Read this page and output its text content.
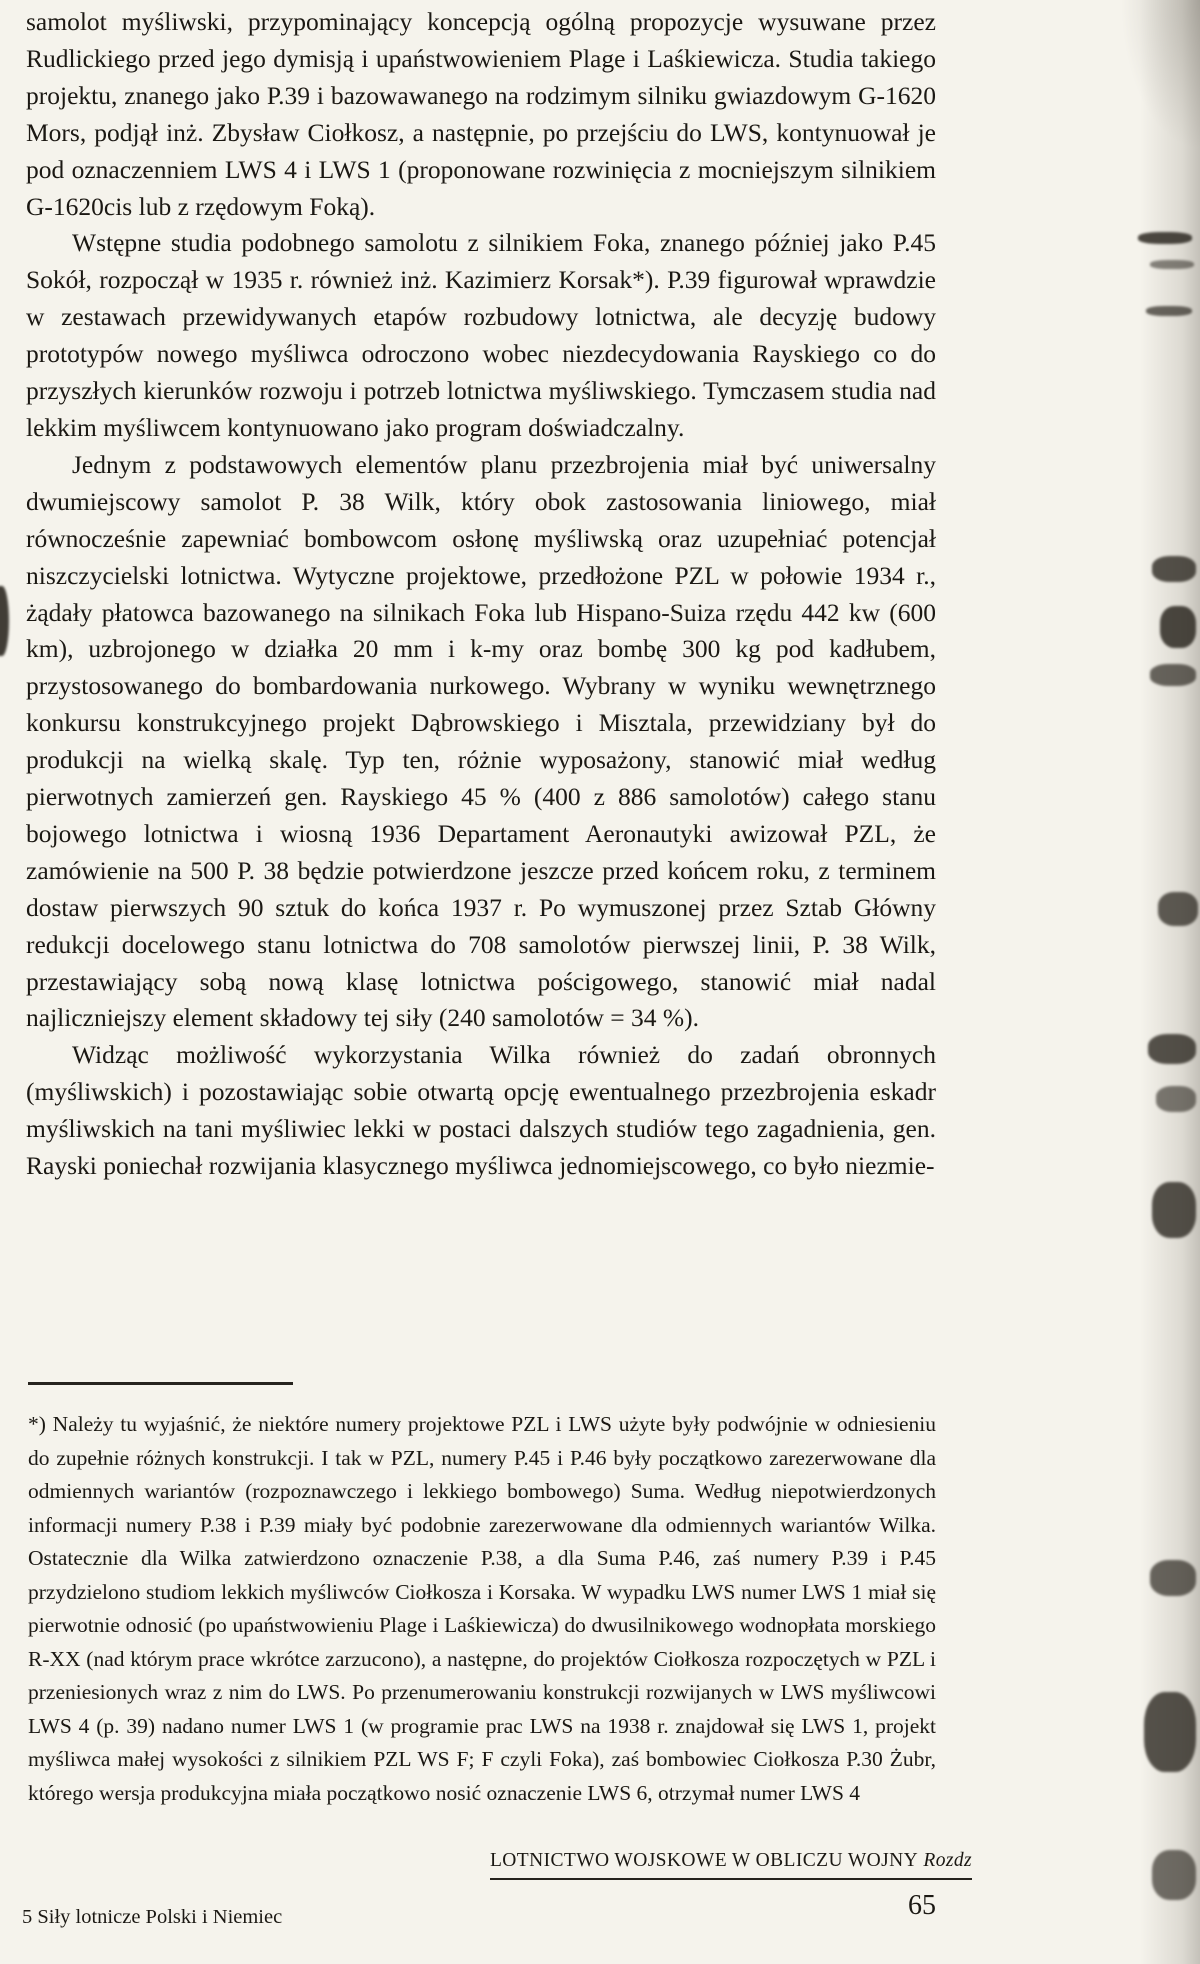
samolot myśliwski, przypominający koncepcją ogólną propozycje wysuwane przez Rudlickiego przed jego dymisją i upaństwowieniem Plage i Laśkiewicza. Studia takiego projektu, znanego jako P.39 i bazowawanego na rodzimym silniku gwiazdowym G-1620 Mors, podjął inż. Zbysław Ciołkosz, a następnie, po przejściu do LWS, kontynuował je pod oznaczenniem LWS 4 i LWS 1 (proponowane rozwinięcia z mocniejszym silnikiem G-1620cis lub z rzędowym Foką).

Wstępne studia podobnego samolotu z silnikiem Foka, znanego później jako P.45 Sokół, rozpoczął w 1935 r. również inż. Kazimierz Korsak*). P.39 figurował wprawdzie w zestawach przewidywanych etapów rozbudowy lotnictwa, ale decyzję budowy prototypów nowego myśliwca odroczono wobec niezdecydowania Rayskiego co do przyszłych kierunków rozwoju i potrzeb lotnictwa myśliwskiego. Tymczasem studia nad lekkim myśliwcem kontynuowano jako program doświadczalny.

Jednym z podstawowych elementów planu przezbrojenia miał być uniwersalny dwumiejscowy samolot P. 38 Wilk, który obok zastosowania liniowego, miał równocześnie zapewniać bombowcom osłonę myśliwską oraz uzupełniać potencjał niszczycielski lotnictwa. Wytyczne projektowe, przedłożone PZL w połowie 1934 r., żądały płatowca bazowanego na silnikach Foka lub Hispano-Suiza rzędu 442 kw (600 km), uzbrojonego w działka 20 mm i k-my oraz bombę 300 kg pod kadłubem, przystosowanego do bombardowania nurkowego. Wybrany w wyniku wewnętrznego konkursu konstrukcyjnego projekt Dąbrowskiego i Misztala, przewidziany był do produkcji na wielką skalę. Typ ten, różnie wyposażony, stanowić miał według pierwotnych zamierzeń gen. Rayskiego 45 % (400 z 886 samolotów) całego stanu bojowego lotnictwa i wiosną 1936 Departament Aeronautyki awizował PZL, że zamówienie na 500 P. 38 będzie potwierdzone jeszcze przed końcem roku, z terminem dostaw pierwszych 90 sztuk do końca 1937 r. Po wymuszonej przez Sztab Główny redukcji docelowego stanu lotnictwa do 708 samolotów pierwszej linii, P. 38 Wilk, przestawiający sobą nową klasę lotnictwa pościgowego, stanowić miał nadal najliczniejszy element składowy tej siły (240 samolotów = 34 %).

Widząc możliwość wykorzystania Wilka również do zadań obronnych (myśliwskich) i pozostawiając sobie otwartą opcję ewentualnego przezbrojenia eskadr myśliwskich na tani myśliwiec lekki w postaci dalszych studiów tego zagadnienia, gen. Rayski poniechał rozwijania klasycznego myśliwca jednomiejscowego, co było niezmie-

*) Należy tu wyjaśnić, że niektóre numery projektowe PZL i LWS użyte były podwójnie w odniesieniu do zupełnie różnych konstrukcji. I tak w PZL, numery P.45 i P.46 były początkowo zarezerwowane dla odmiennych wariantów (rozpoznawczego i lekkiego bombowego) Suma. Według niepotwierdzonych informacji numery P.38 i P.39 miały być podobnie zarezerwowane dla odmiennych wariantów Wilka. Ostatecznie dla Wilka zatwierdzono oznaczenie P.38, a dla Suma P.46, zaś numery P.39 i P.45 przydzielono studiom lekkich myśliwców Ciołkosza i Korsaka. W wypadku LWS numer LWS 1 miał się pierwotnie odnosić (po upaństwowieniu Plage i Laśkiewicza) do dwusilnikowego wodnopłata morskiego R-XX (nad którym prace wkrótce zarzucono), a następne, do projektów Ciołkosza rozpoczętych w PZL i przeniesionych wraz z nim do LWS. Po przenumerowaniu konstrukcji rozwijanych w LWS myśliwcowi LWS 4 (p. 39) nadano numer LWS 1 (w programie prac LWS na 1938 r. znajdował się LWS 1, projekt myśliwca małej wysokości z silnikiem PZL WS F; F czyli Foka), zaś bombowiec Ciołkosza P.30 Żubr, którego wersja produkcyjna miała początkowo nosić oznaczenie LWS 6, otrzymał numer LWS 4
LOTNICTWO WOJSKOWE W OBLICZU WOJNY Rozdz
5 Siły lotnicze Polski i Niemiec	65
